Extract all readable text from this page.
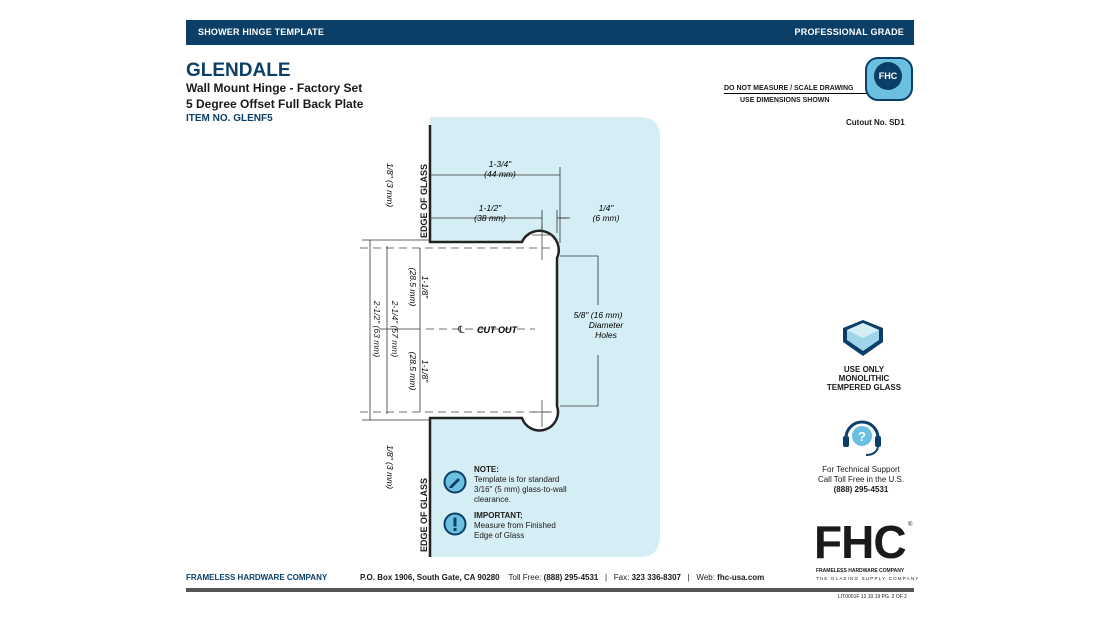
SHOWER HINGE TEMPLATE	PROFESSIONAL GRADE
GLENDALE
Wall Mount Hinge - Factory Set
5 Degree Offset Full Back Plate
ITEM NO. GLENF5
DO NOT MEASURE / SCALE DRAWING
USE DIMENSIONS SHOWN
FHC
Cutout No. SD1
EDGE OF GLASS
EDGE OF GLASS
1-3/4"
(44 mm)
1-1/2"
(38 mm)
1/4"
(6 mm)
5/8" (16 mm)
Diameter
Holes
℄ CUT OUT
1/8" (3 mm)
1/8" (3 mm)
1-1/8"
(28.5 mm)
1-1/8"
(28.5 mm)
2-1/4" (57 mm)
2-1/2" (63 mm)
NOTE:
Template is for standard
3/16" (5 mm) glass-to-wall
clearance.
IMPORTANT:
Measure from Finished
Edge of Glass
USE ONLY
MONOLITHIC
TEMPERED GLASS
?
For Technical Support
Call Toll Free in the U.S.
(888) 295-4531
FHC ®
FRAMELESS HARDWARE COMPANY
THE GLAZING SUPPLY COMPANY
FRAMELESS HARDWARE COMPANY	P.O. Box 1906, South Gate, CA 90280 Toll Free: (888) 295-4531 | Fax: 323 336-8307 | Web: fhc-usa.com
LIT0001F 12.10.19 PG. 2 OF 2
